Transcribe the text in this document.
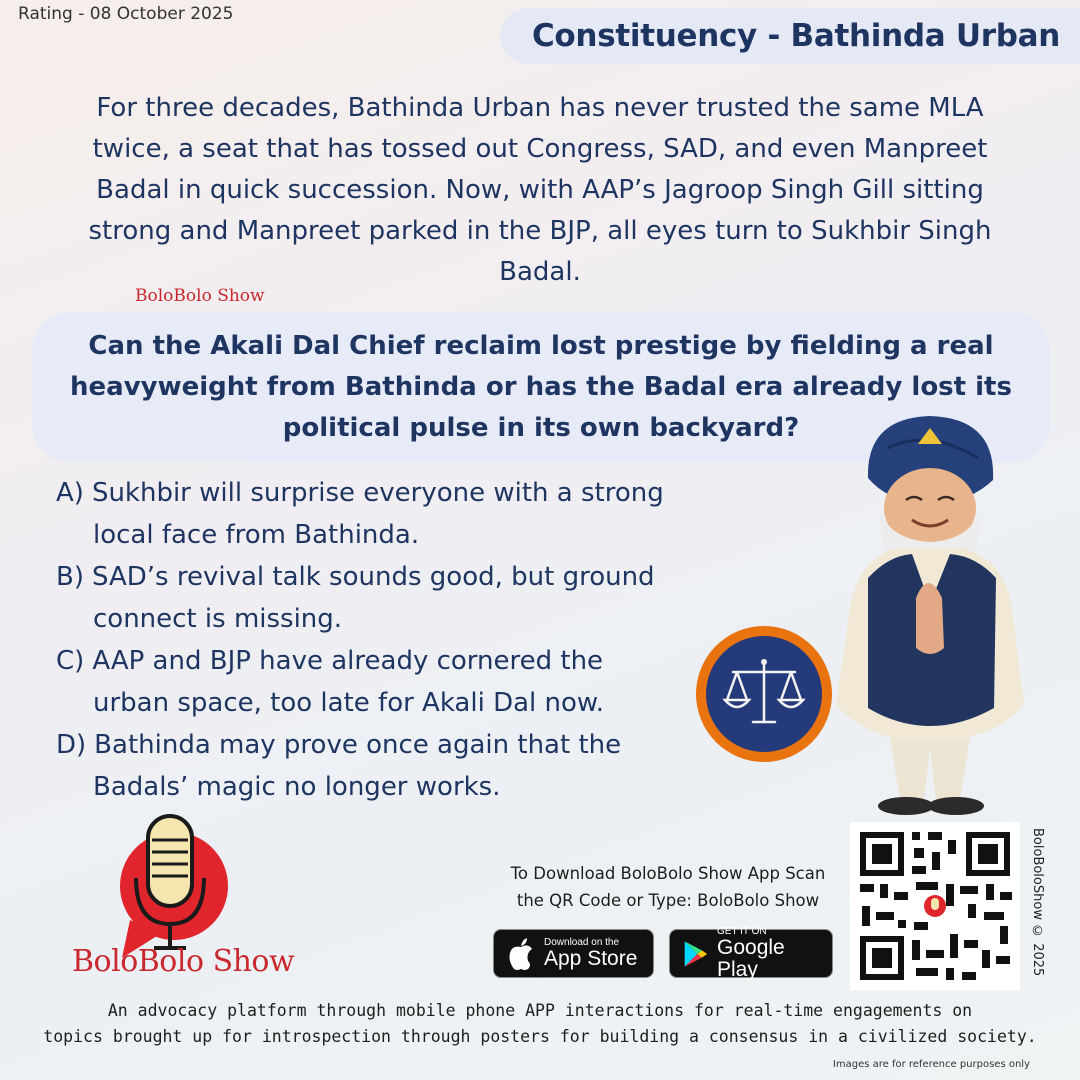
Rating - 08 October 2025
Constituency - Bathinda Urban
For three decades, Bathinda Urban has never trusted the same MLA twice, a seat that has tossed out Congress, SAD, and even Manpreet Badal in quick succession. Now, with AAP’s Jagroop Singh Gill sitting strong and Manpreet parked in the BJP, all eyes turn to Sukhbir Singh Badal.
BoloBolo Show
Can the Akali Dal Chief reclaim lost prestige by fielding a real heavyweight from Bathinda or has the Badal era already lost its political pulse in its own backyard?
A) Sukhbir will surprise everyone with a strong
local face from Bathinda.
B) SAD’s revival talk sounds good, but ground
connect is missing.
C) AAP and BJP have already cornered the
urban space, too late for Akali Dal now.
D) Bathinda may prove once again that the
Badals’ magic no longer works.
BoloBolo Show
To Download BoloBolo Show App Scan
the QR Code or Type: BoloBolo Show
Download on the
App Store
GET IT ON
Google Play	BoloBoloShow © 2025
An advocacy platform through mobile phone APP interactions for real-time engagements on
topics brought up for introspection through posters for building a consensus in a civilized society.
Images are for reference purposes only
